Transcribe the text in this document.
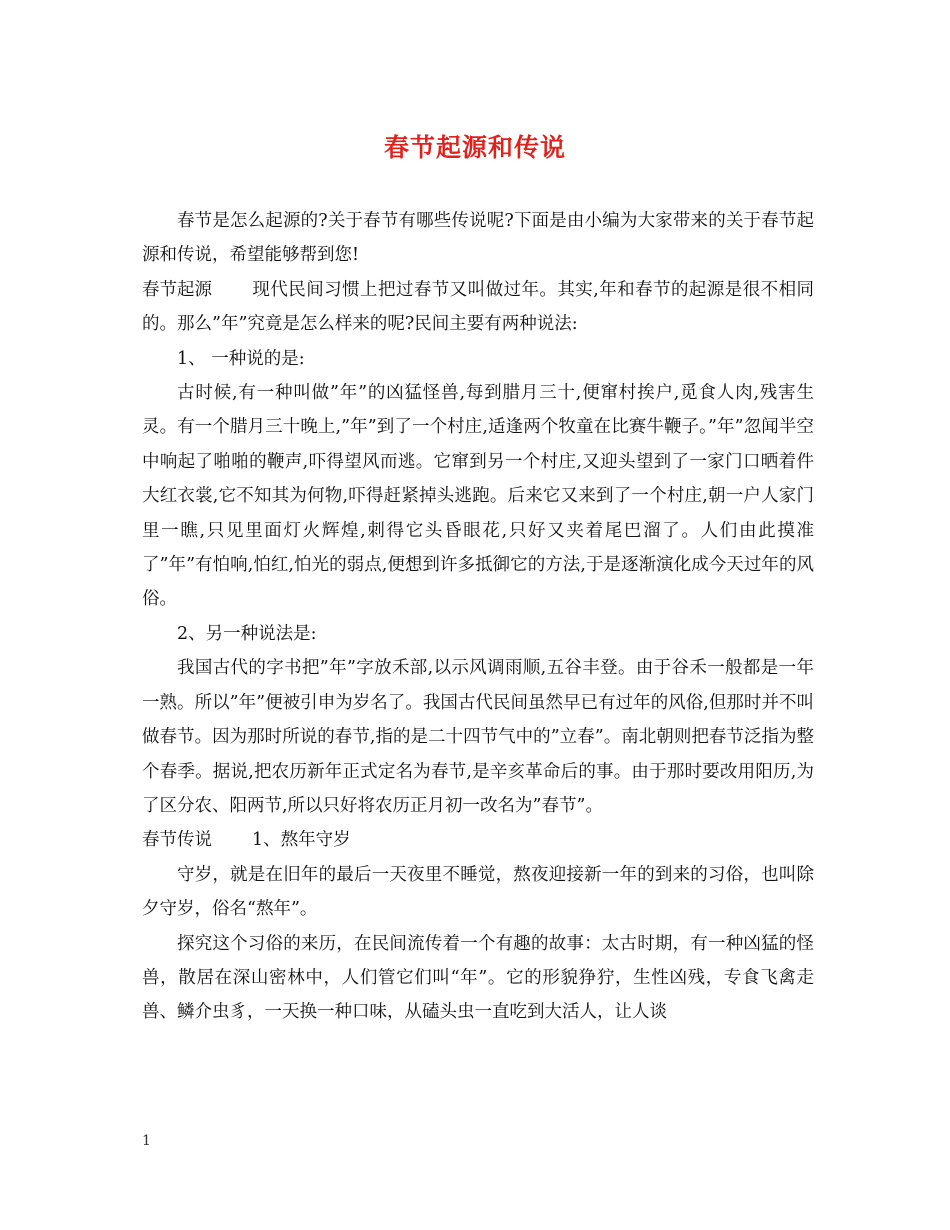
春节起源和传说

春节是怎么起源的?关于春节有哪些传说呢?下面是由小编为大家带来的关于春节起源和传说，希望能够帮到您!

春节起源 现代民间习惯上把过春节又叫做过年。其实,年和春节的起源是很不相同的。那么”年”究竟是怎么样来的呢?民间主要有两种说法:

1、 一种说的是:

古时候,有一种叫做”年”的凶猛怪兽,每到腊月三十,便窜村挨户,觅食人肉,残害生灵。有一个腊月三十晚上,”年”到了一个村庄,适逢两个牧童在比赛牛鞭子。”年”忽闻半空中响起了啪啪的鞭声,吓得望风而逃。它窜到另一个村庄,又迎头望到了一家门口晒着件大红衣裳,它不知其为何物,吓得赶紧掉头逃跑。后来它又来到了一个村庄,朝一户人家门里一瞧,只见里面灯火辉煌,刺得它头昏眼花,只好又夹着尾巴溜了。人们由此摸准了”年”有怕响,怕红,怕光的弱点,便想到许多抵御它的方法,于是逐渐演化成今天过年的风俗。

2、另一种说法是:

我国古代的字书把”年”字放禾部,以示风调雨顺,五谷丰登。由于谷禾一般都是一年一熟。所以”年”便被引申为岁名了。我国古代民间虽然早已有过年的风俗,但那时并不叫做春节。因为那时所说的春节,指的是二十四节气中的”立春”。南北朝则把春节泛指为整个春季。据说,把农历新年正式定名为春节,是辛亥革命后的事。由于那时要改用阳历,为了区分农、阳两节,所以只好将农历正月初一改名为”春节”。

春节传说 1、熬年守岁

守岁，就是在旧年的最后一天夜里不睡觉，熬夜迎接新一年的到来的习俗，也叫除夕守岁，俗名“熬年”。

探究这个习俗的来历，在民间流传着一个有趣的故事：太古时期，有一种凶猛的怪兽，散居在深山密林中，人们管它们叫“年”。它的形貌狰狞，生性凶残，专食飞禽走兽、鳞介虫豸，一天换一种口味，从磕头虫一直吃到大活人，让人谈

1
